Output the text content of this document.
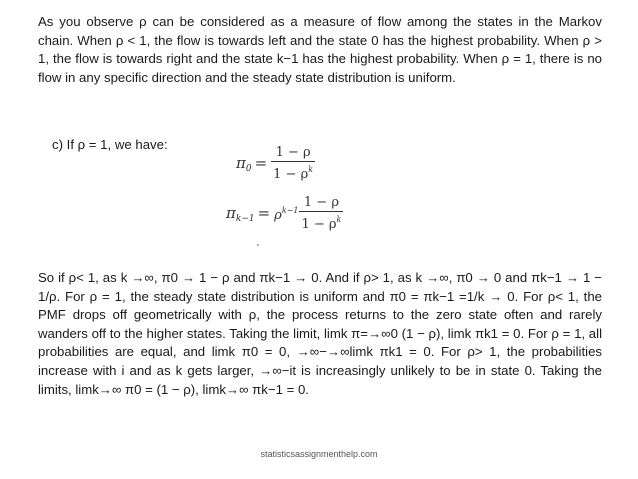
As you observe ρ can be considered as a measure of flow among the states in the Markov chain. When ρ < 1, the flow is towards left and the state 0 has the highest probability. When ρ > 1, the flow is towards right and the state k−1 has the highest probability. When ρ = 1, there is no flow in any specific direction and the steady state distribution is uniform.

c) If ρ = 1, we have:

$\pi_0 = \frac{1 - \rho}{1 - \rho^k}$
$\pi_{k-1} = \rho^{k-1} \frac{1 - \rho}{1 - \rho^k}$

So if ρ< 1, as k →∞, π0 → 1 − ρ and πk−1 → 0. And if ρ> 1, as k →∞, π0 → 0 and πk−1 → 1 − 1/ρ. For ρ = 1, the steady state distribution is uniform and π0 = πk−1 =1/k → 0. For ρ< 1, the PMF drops off geometrically with ρ, the process returns to the zero state often and rarely wanders off to the higher states. Taking the limit, limk π=→∞0 (1 − ρ), limk πk1 = 0. For ρ = 1, all probabilities are equal, and limk π0 = 0, →∞−→∞limk πk1 = 0. For ρ> 1, the probabilities increase with i and as k gets larger, →∞−it is increasingly unlikely to be in state 0. Taking the limits, limk→∞ π0 = (1 − ρ), limk→∞ πk−1 = 0.

statisticsassignmenthelp.com
